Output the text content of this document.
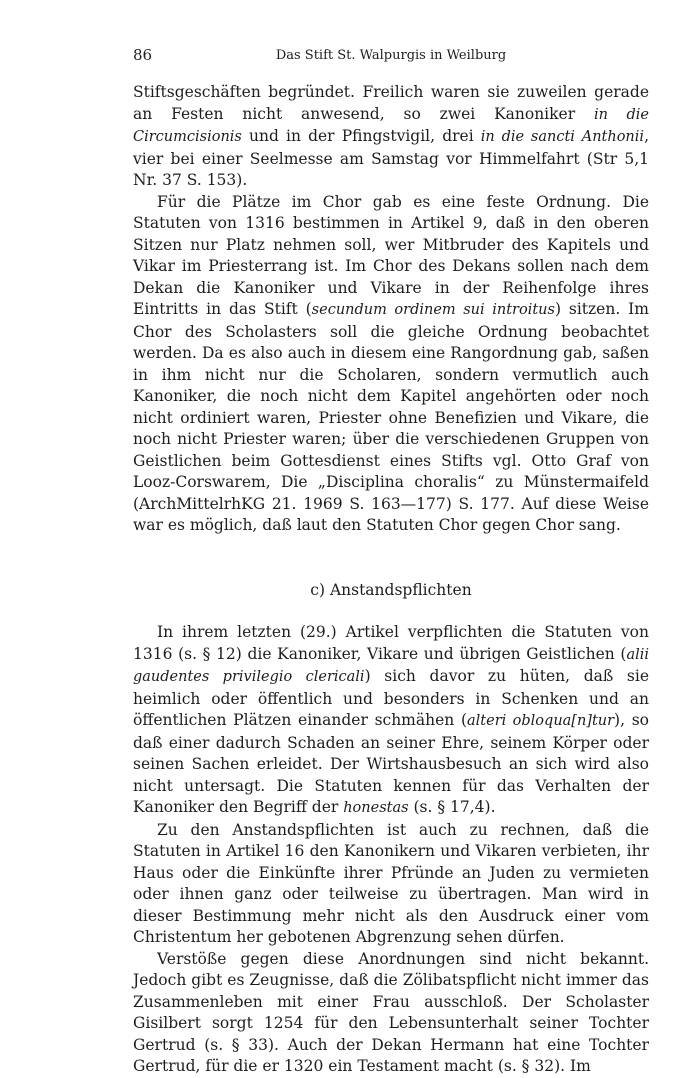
86	Das Stift St. Walpurgis in Weilburg

Stiftsgeschäften begründet. Freilich waren sie zuweilen gerade an Festen nicht anwesend, so zwei Kanoniker in die Circumcisionis und in der Pfingstvigil, drei in die sancti Anthonii, vier bei einer Seelmesse am Samstag vor Himmelfahrt (Str 5,1 Nr. 37 S. 153).

Für die Plätze im Chor gab es eine feste Ordnung. Die Statuten von 1316 bestimmen in Artikel 9, daß in den oberen Sitzen nur Platz nehmen soll, wer Mitbruder des Kapitels und Vikar im Priesterrang ist. Im Chor des Dekans sollen nach dem Dekan die Kanoniker und Vikare in der Reihenfolge ihres Eintritts in das Stift (secundum ordinem sui introitus) sitzen. Im Chor des Scholasters soll die gleiche Ordnung beobachtet werden. Da es also auch in diesem eine Rangordnung gab, saßen in ihm nicht nur die Scholaren, sondern vermutlich auch Kanoniker, die noch nicht dem Kapitel angehörten oder noch nicht ordiniert waren, Priester ohne Benefizien und Vikare, die noch nicht Priester waren; über die verschiedenen Gruppen von Geistlichen beim Gottesdienst eines Stifts vgl. Otto Graf von Looz-Corswarem, Die „Disciplina choralis“ zu Münstermaifeld (ArchMittelrhKG 21. 1969 S. 163—177) S. 177. Auf diese Weise war es möglich, daß laut den Statuten Chor gegen Chor sang.

c) Anstandspflichten

In ihrem letzten (29.) Artikel verpflichten die Statuten von 1316 (s. § 12) die Kanoniker, Vikare und übrigen Geistlichen (alii gaudentes privilegio clericali) sich davor zu hüten, daß sie heimlich oder öffentlich und besonders in Schenken und an öffentlichen Plätzen einander schmähen (alteri obloqua[n]tur), so daß einer dadurch Schaden an seiner Ehre, seinem Körper oder seinen Sachen erleidet. Der Wirtshausbesuch an sich wird also nicht untersagt. Die Statuten kennen für das Verhalten der Kanoniker den Begriff der honestas (s. § 17,4).

Zu den Anstandspflichten ist auch zu rechnen, daß die Statuten in Artikel 16 den Kanonikern und Vikaren verbieten, ihr Haus oder die Einkünfte ihrer Pfründe an Juden zu vermieten oder ihnen ganz oder teilweise zu übertragen. Man wird in dieser Bestimmung mehr nicht als den Ausdruck einer vom Christentum her gebotenen Abgrenzung sehen dürfen.

Verstöße gegen diese Anordnungen sind nicht bekannt. Jedoch gibt es Zeugnisse, daß die Zölibatspflicht nicht immer das Zusammenleben mit einer Frau ausschloß. Der Scholaster Gisilbert sorgt 1254 für den Lebensunterhalt seiner Tochter Gertrud (s. § 33). Auch der Dekan Hermann hat eine Tochter Gertrud, für die er 1320 ein Testament macht (s. § 32). Im
